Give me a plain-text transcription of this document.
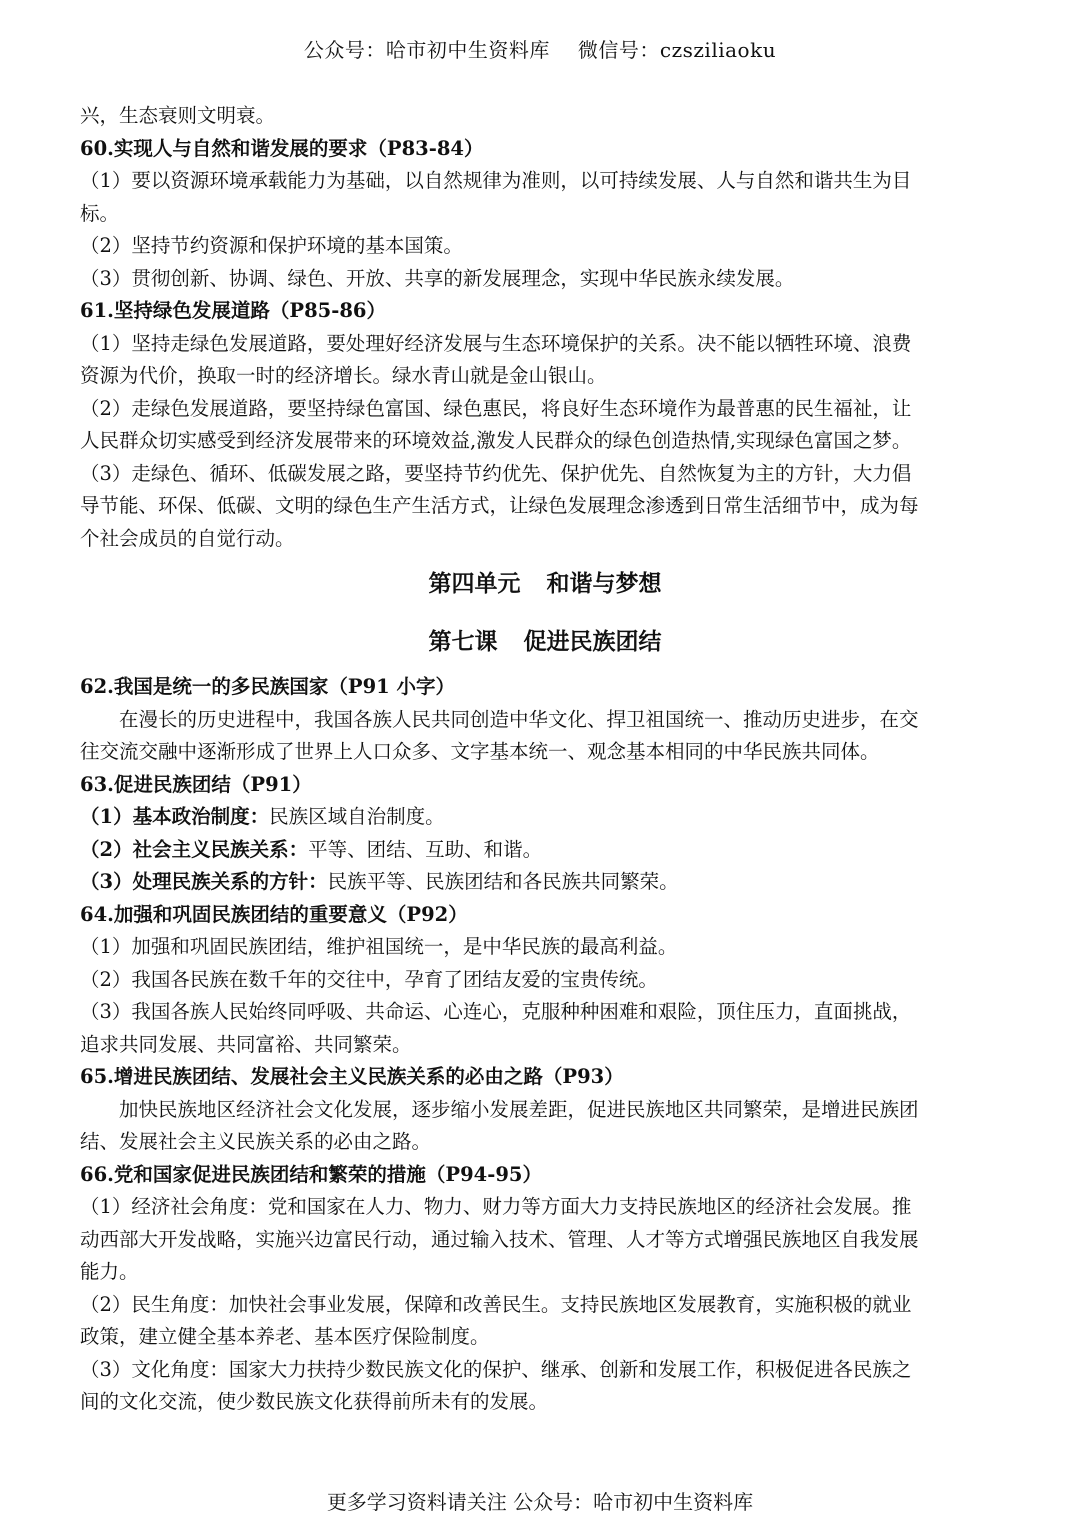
公众号：哈市初中生资料库 微信号：czsziliaoku
兴，生态衰则文明衰。
60.实现人与自然和谐发展的要求（P83-84）
（1）要以资源环境承载能力为基础，以自然规律为准则，以可持续发展、人与自然和谐共生为目
标。
（2）坚持节约资源和保护环境的基本国策。
（3）贯彻创新、协调、绿色、开放、共享的新发展理念，实现中华民族永续发展。
61.坚持绿色发展道路（P85-86）
（1）坚持走绿色发展道路，要处理好经济发展与生态环境保护的关系。决不能以牺牲环境、浪费
资源为代价，换取一时的经济增长。绿水青山就是金山银山。
（2）走绿色发展道路，要坚持绿色富国、绿色惠民，将良好生态环境作为最普惠的民生福祉，让
人民群众切实感受到经济发展带来的环境效益,激发人民群众的绿色创造热情,实现绿色富国之梦。
（3）走绿色、循环、低碳发展之路，要坚持节约优先、保护优先、自然恢复为主的方针，大力倡
导节能、环保、低碳、文明的绿色生产生活方式，让绿色发展理念渗透到日常生活细节中，成为每
个社会成员的自觉行动。
第四单元 和谐与梦想
第七课 促进民族团结
62.我国是统一的多民族国家（P91 小字）
在漫长的历史进程中，我国各族人民共同创造中华文化、捍卫祖国统一、推动历史进步，在交
往交流交融中逐渐形成了世界上人口众多、文字基本统一、观念基本相同的中华民族共同体。
63.促进民族团结（P91）
（1）基本政治制度：民族区域自治制度。
（2）社会主义民族关系：平等、团结、互助、和谐。
（3）处理民族关系的方针：民族平等、民族团结和各民族共同繁荣。
64.加强和巩固民族团结的重要意义（P92）
（1）加强和巩固民族团结，维护祖国统一，是中华民族的最高利益。
（2）我国各民族在数千年的交往中，孕育了团结友爱的宝贵传统。
（3）我国各族人民始终同呼吸、共命运、心连心，克服种种困难和艰险，顶住压力，直面挑战，
追求共同发展、共同富裕、共同繁荣。
65.增进民族团结、发展社会主义民族关系的必由之路（P93）
加快民族地区经济社会文化发展，逐步缩小发展差距，促进民族地区共同繁荣，是增进民族团
结、发展社会主义民族关系的必由之路。
66.党和国家促进民族团结和繁荣的措施（P94-95）
（1）经济社会角度：党和国家在人力、物力、财力等方面大力支持民族地区的经济社会发展。推
动西部大开发战略，实施兴边富民行动，通过输入技术、管理、人才等方式增强民族地区自我发展
能力。
（2）民生角度：加快社会事业发展，保障和改善民生。支持民族地区发展教育，实施积极的就业
政策，建立健全基本养老、基本医疗保险制度。
（3）文化角度：国家大力扶持少数民族文化的保护、继承、创新和发展工作，积极促进各民族之
间的文化交流，使少数民族文化获得前所未有的发展。
更多学习资料请关注 公众号：哈市初中生资料库
